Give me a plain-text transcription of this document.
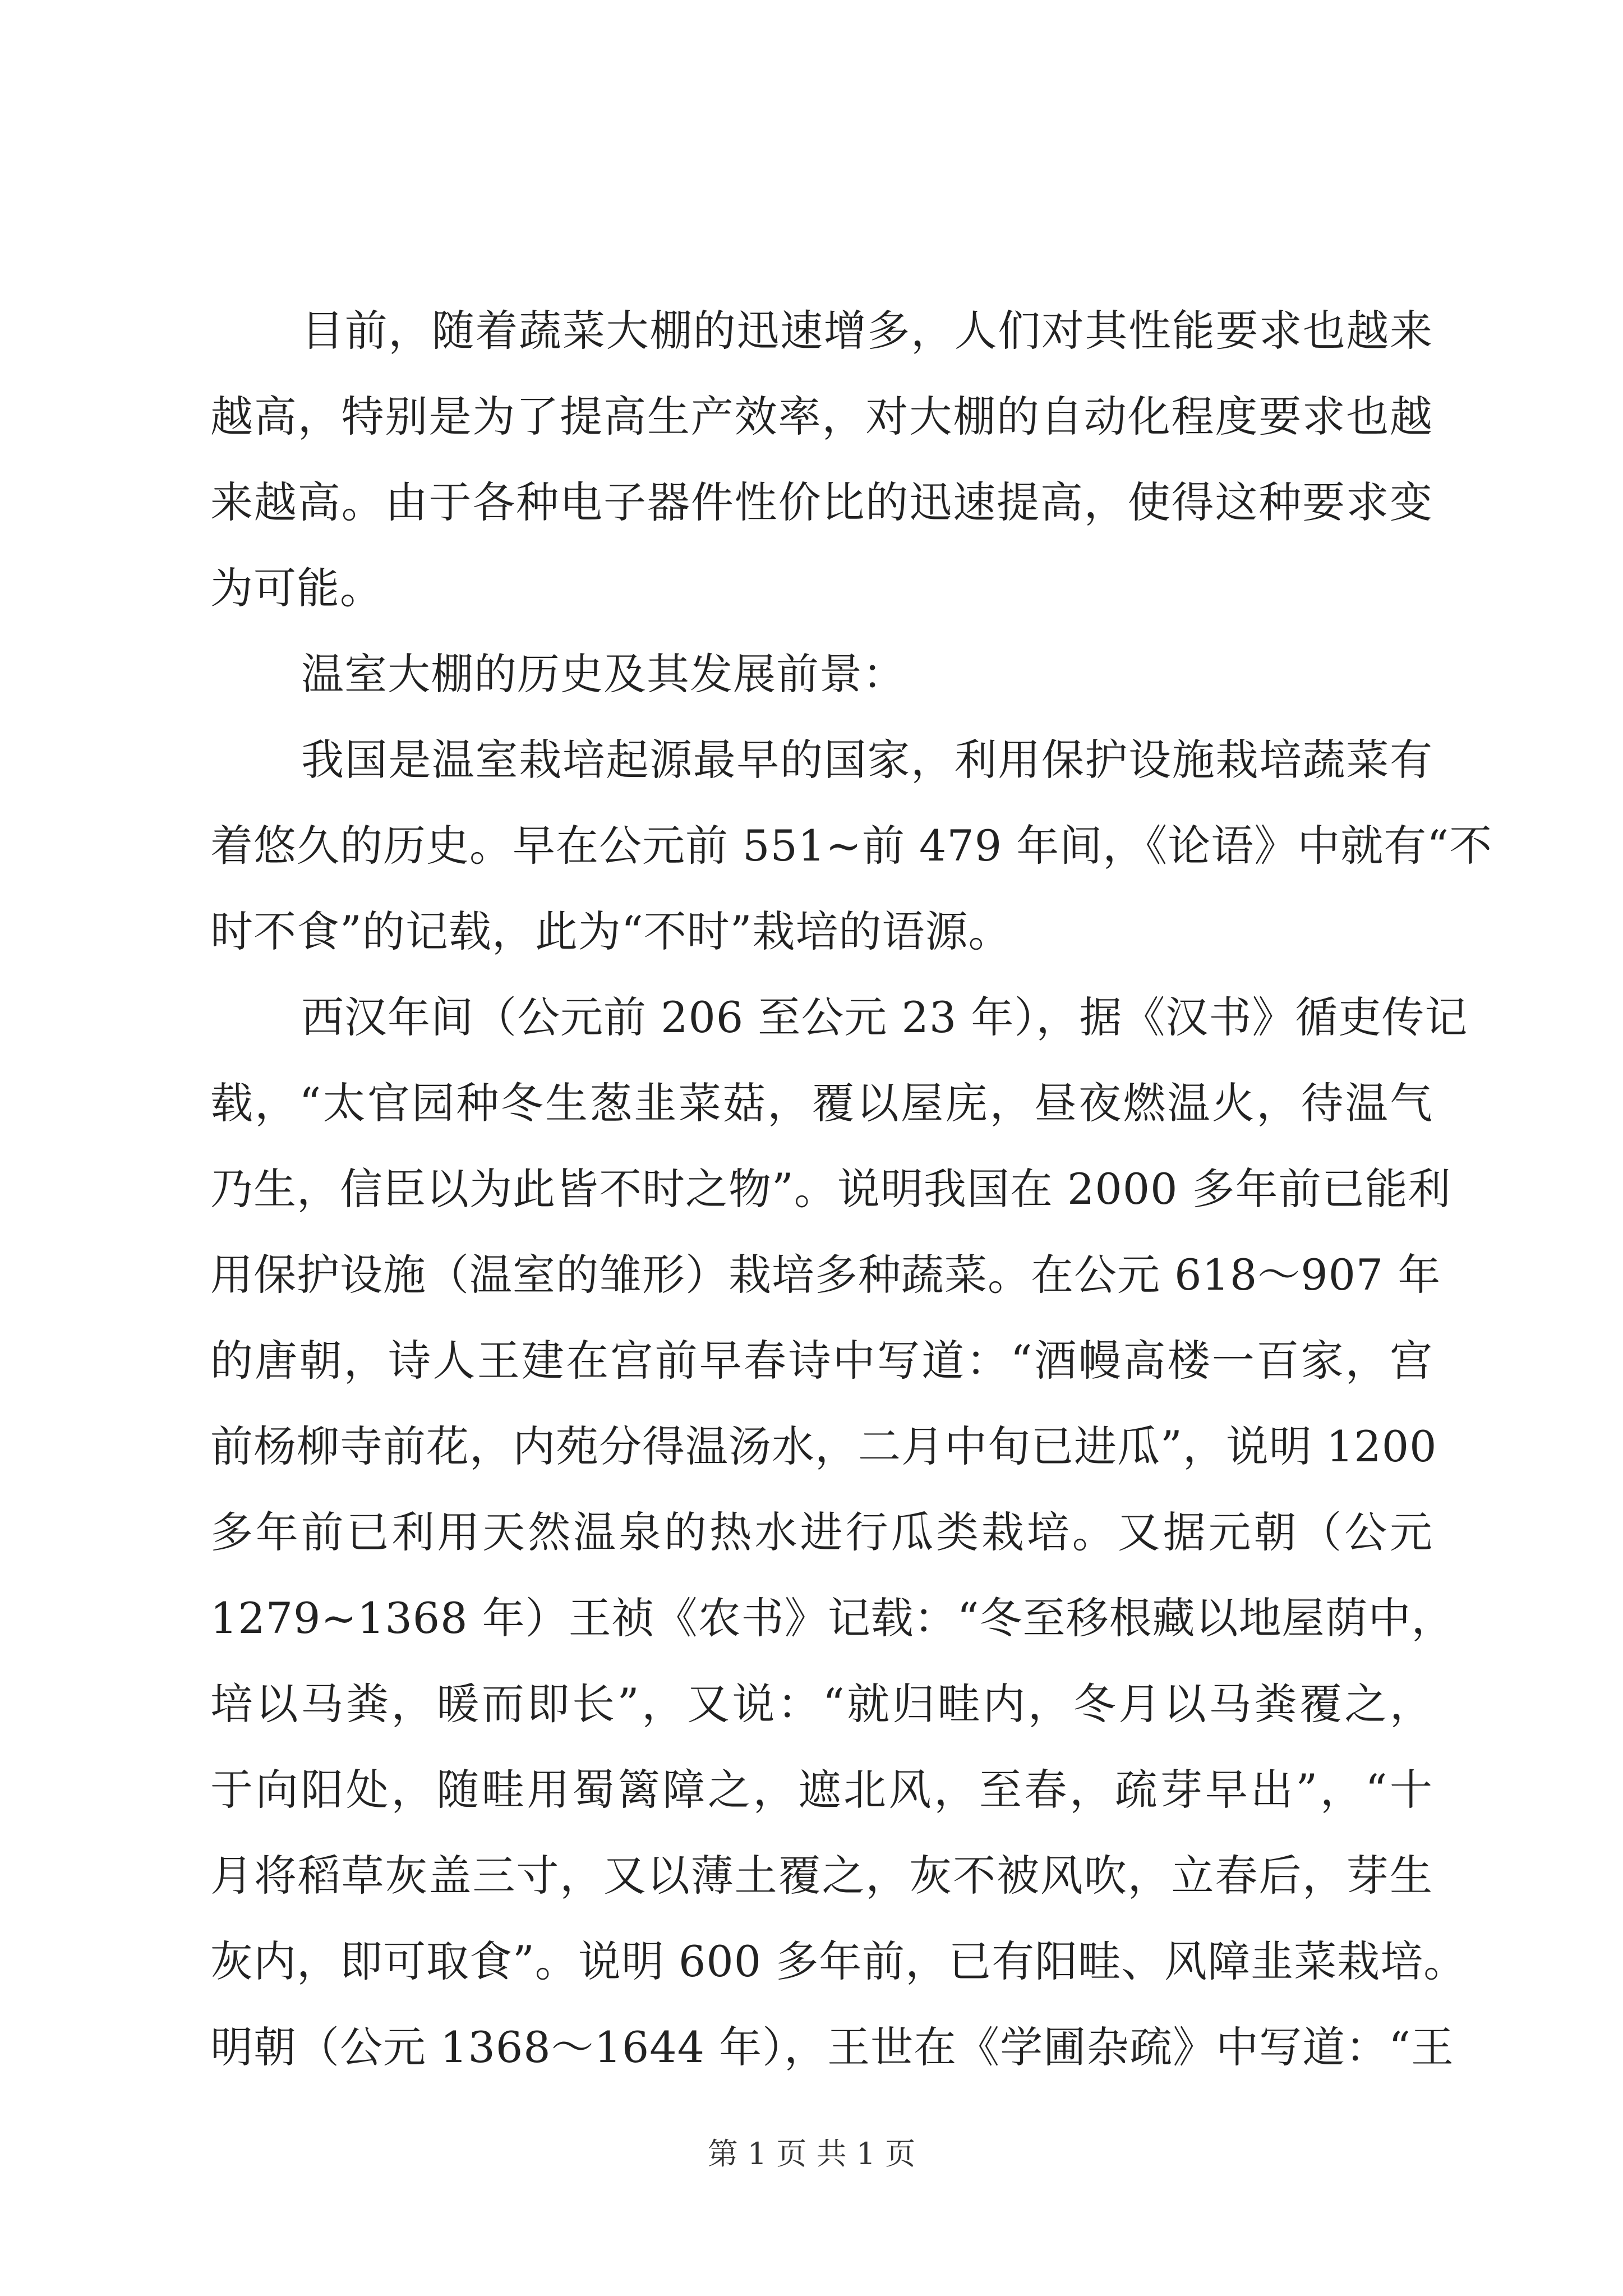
目前，随着蔬菜大棚的迅速增多，人们对其性能要求也越来
越高，特别是为了提高生产效率，对大棚的自动化程度要求也越
来越高。由于各种电子器件性价比的迅速提高，使得这种要求变
为可能。
温室大棚的历史及其发展前景：
我国是温室栽培起源最早的国家，利用保护设施栽培蔬菜有
着悠久的历史。早在公元前 551~前 479 年间，《论语》中就有“不
时不食”的记载，此为“不时”栽培的语源。
西汉年间（公元前 206 至公元 23 年），据《汉书》循吏传记
载，“太官园种冬生葱韭菜菇，覆以屋庑，昼夜燃温火，待温气
乃生，信臣以为此皆不时之物”。说明我国在 2000 多年前已能利
用保护设施（温室的雏形）栽培多种蔬菜。在公元 618～907 年
的唐朝，诗人王建在宫前早春诗中写道：“酒幔高楼一百家，宫
前杨柳寺前花，内苑分得温汤水，二月中旬已进瓜”，说明 1200
多年前已利用天然温泉的热水进行瓜类栽培。又据元朝（公元
1279~1368 年）王祯《农书》记载：“冬至移根藏以地屋荫中，
培以马粪，暖而即长”，又说：“就归畦内，冬月以马粪覆之，
于向阳处，随畦用蜀篱障之，遮北风，至春，疏芽早出”，“十
月将稻草灰盖三寸，又以薄土覆之，灰不被风吹，立春后，芽生
灰内，即可取食”。说明 600 多年前，已有阳畦、风障韭菜栽培。
明朝（公元 1368～1644 年），王世在《学圃杂疏》中写道：“王
第 1 页 共 1 页
